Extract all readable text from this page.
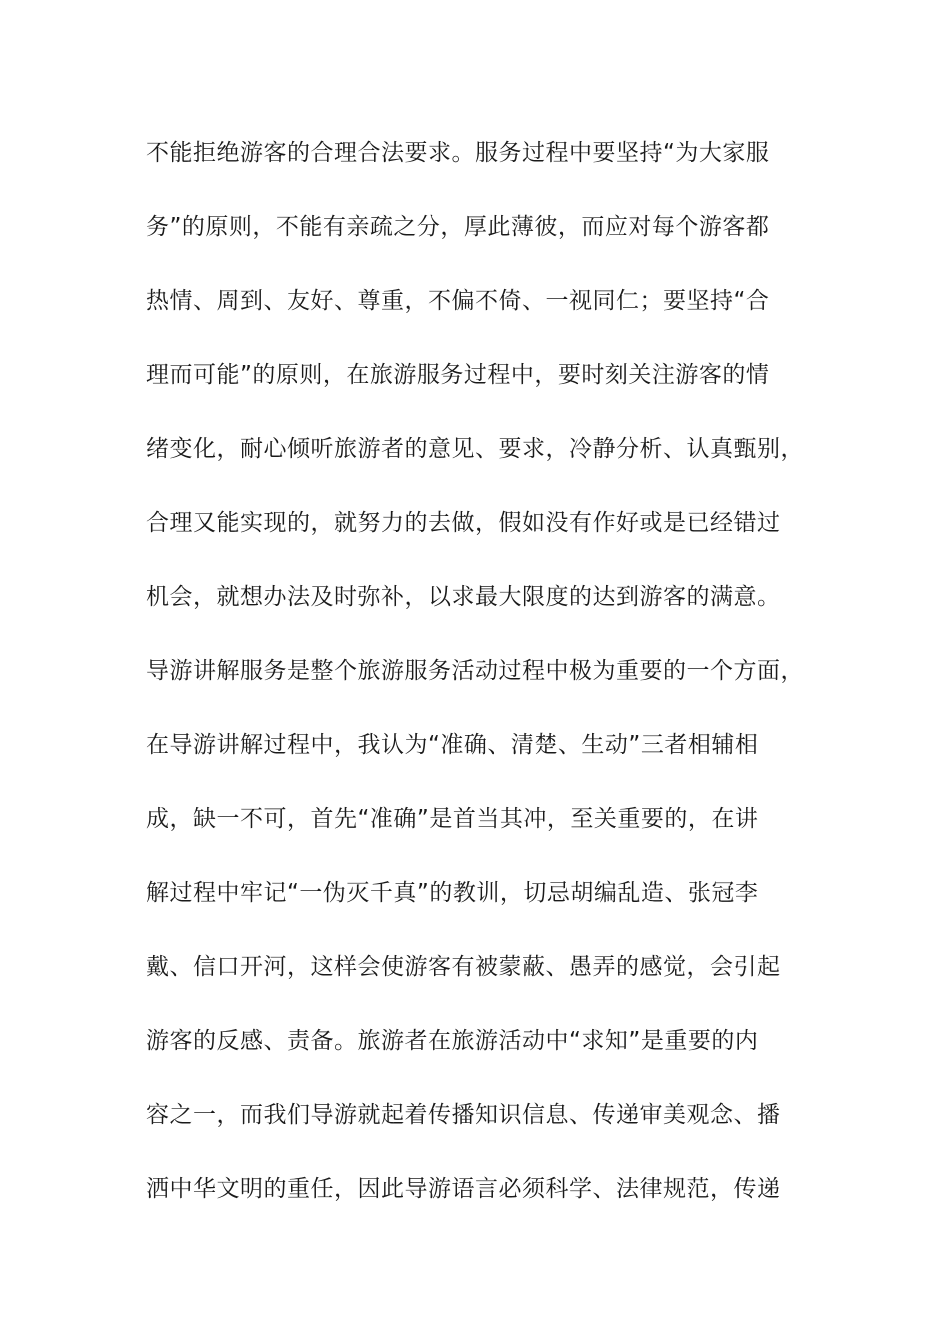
不能拒绝游客的合理合法要求。服务过程中要坚持“为大家服
务”的原则，不能有亲疏之分，厚此薄彼，而应对每个游客都
热情、周到、友好、尊重，不偏不倚、一视同仁；要坚持“合
理而可能”的原则，在旅游服务过程中，要时刻关注游客的情
绪变化，耐心倾听旅游者的意见、要求，冷静分析、认真甄别，
合理又能实现的，就努力的去做，假如没有作好或是已经错过
机会，就想办法及时弥补，以求最大限度的达到游客的满意。
导游讲解服务是整个旅游服务活动过程中极为重要的一个方面，
在导游讲解过程中，我认为“准确、清楚、生动”三者相辅相
成，缺一不可，首先“准确”是首当其冲，至关重要的，在讲
解过程中牢记“一伪灭千真”的教训，切忌胡编乱造、张冠李
戴、信口开河，这样会使游客有被蒙蔽、愚弄的感觉，会引起
游客的反感、责备。旅游者在旅游活动中“求知”是重要的内
容之一，而我们导游就起着传播知识信息、传递审美观念、播
洒中华文明的重任，因此导游语言必须科学、法律规范，传递
